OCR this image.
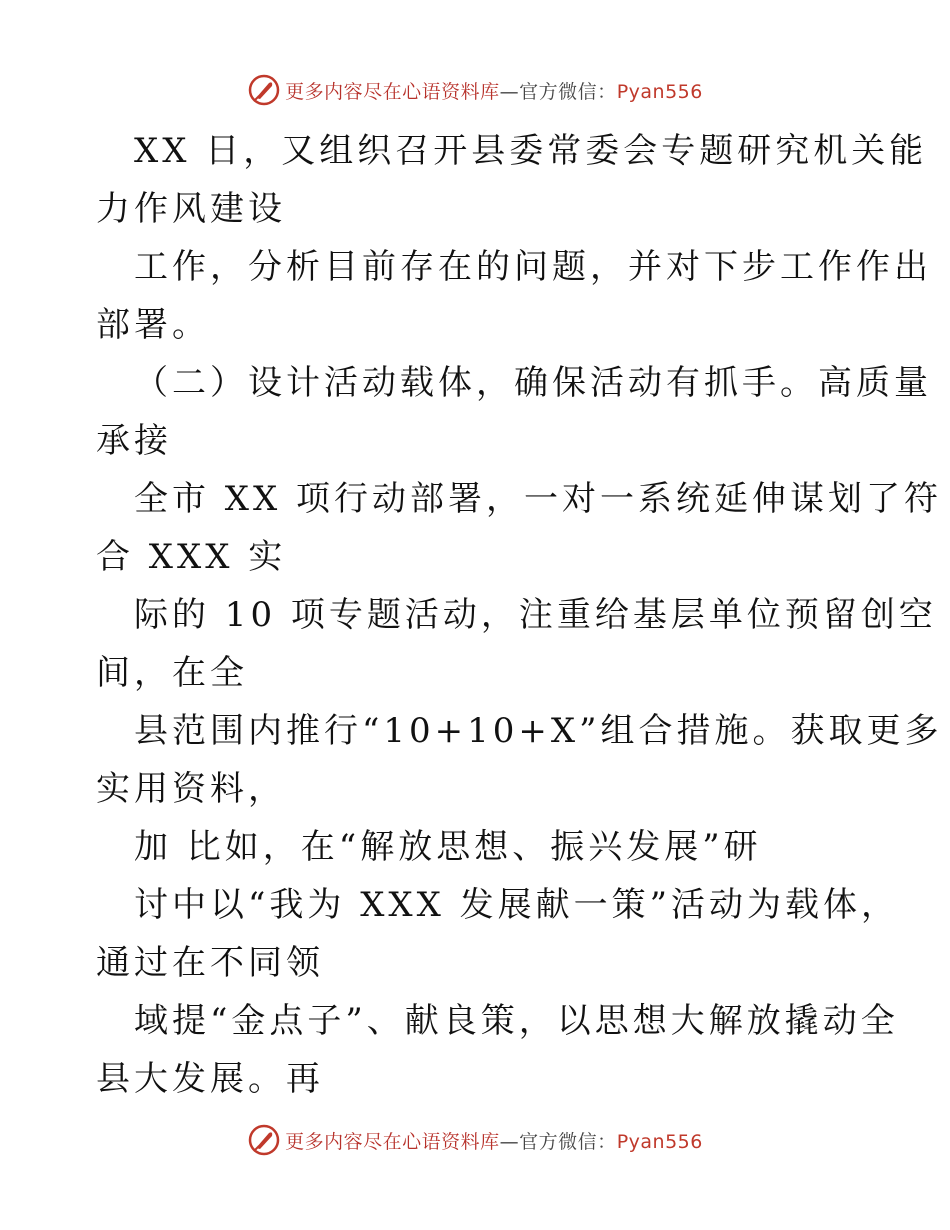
更多内容尽在心语资料库—官方微信：Pyan556
XX 日，又组织召开县委常委会专题研究机关能
力作风建设
工作，分析目前存在的问题，并对下步工作作出
部署。
（二）设计活动载体，确保活动有抓手。高质量
承接
全市 XX 项行动部署，一对一系统延伸谋划了符
合 XXX 实
际的 10 项专题活动，注重给基层单位预留创空
间，在全
县范围内推行“10+10+X”组合措施。获取更多
实用资料，
加 比如，在“解放思想、振兴发展”研
讨中以“我为 XXX 发展献一策”活动为载体，
通过在不同领
域提“金点子”、献良策，以思想大解放撬动全
县大发展。再
更多内容尽在心语资料库—官方微信：Pyan556
